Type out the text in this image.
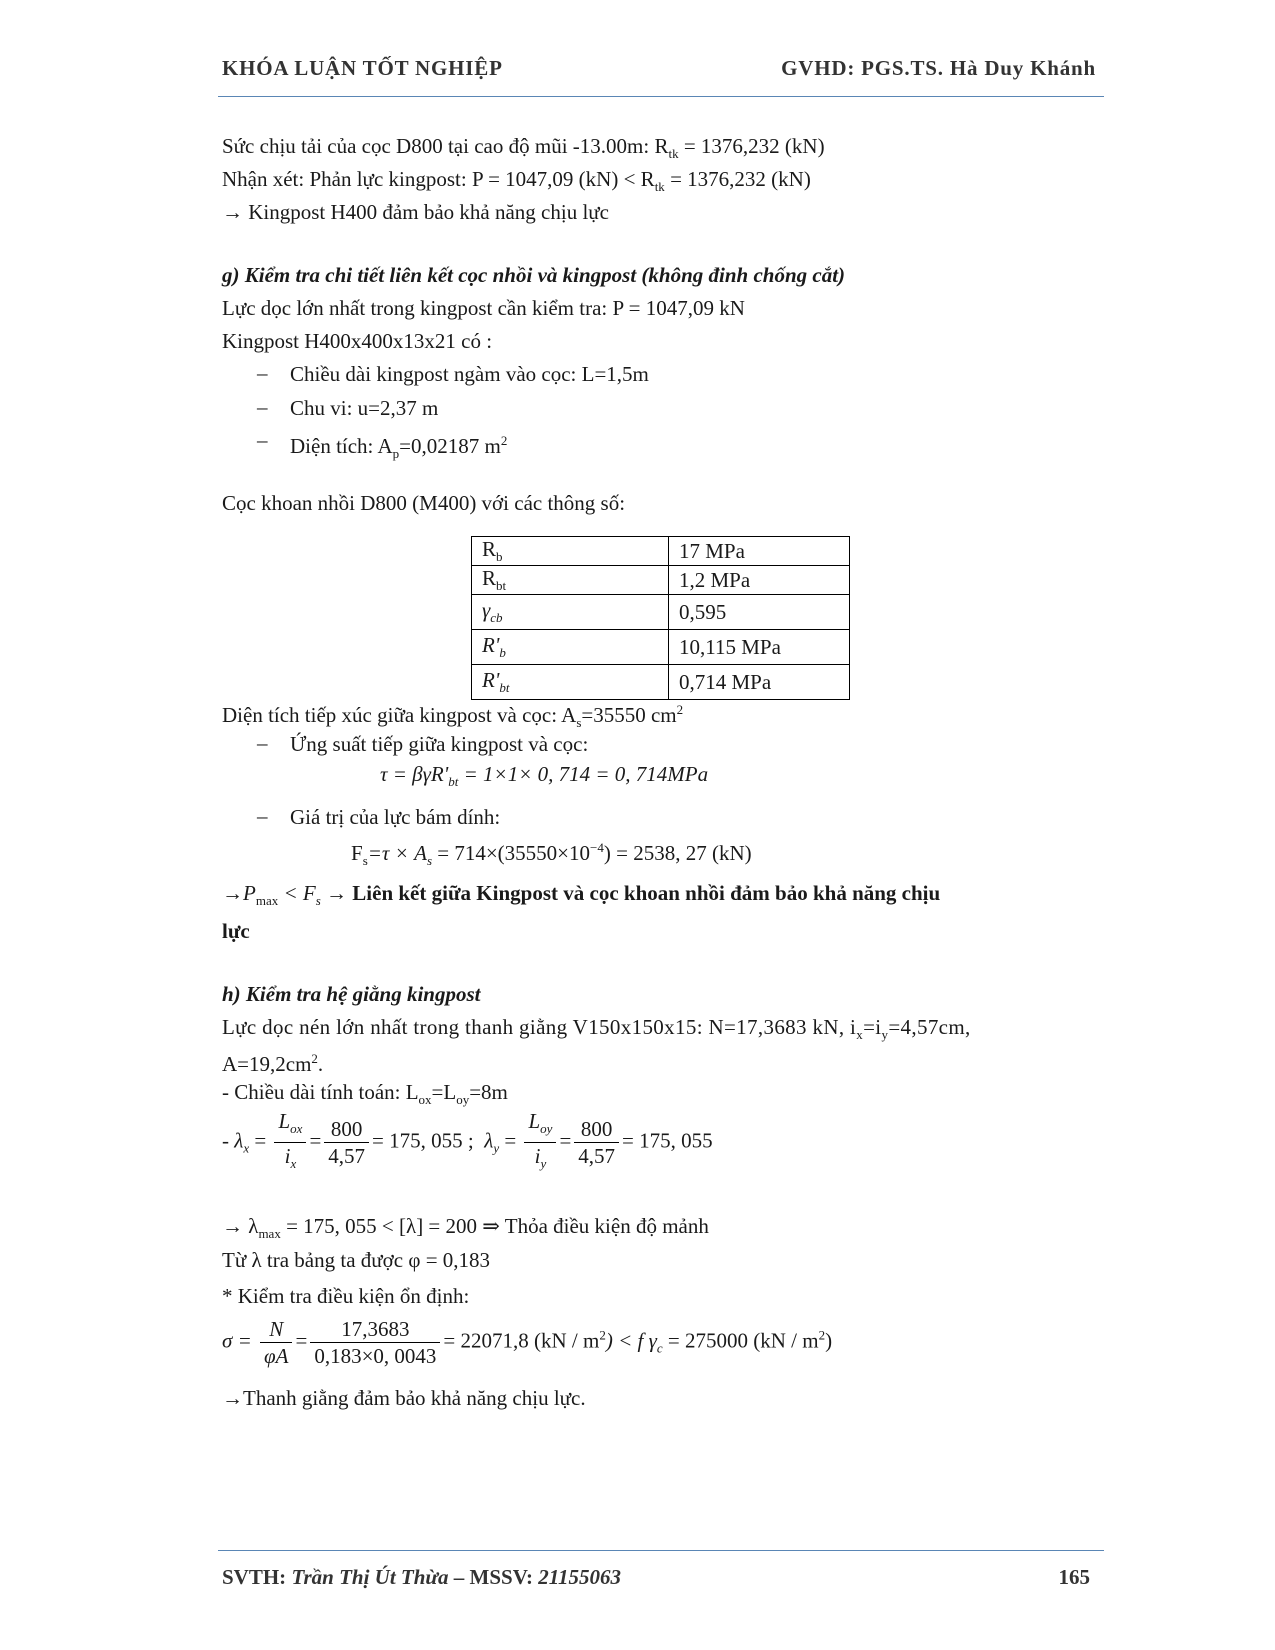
KHÓA LUẬN TỐT NGHIỆP	GVHD: PGS.TS. Hà Duy Khánh
Sức chịu tải của cọc D800 tại cao độ mũi -13.00m: $R_{tk} = 1376,232$ (kN)
Nhận xét: Phản lực kingpost: P = 1047,09 $(kN) < R_{tk} = 1376,232$ (kN)
→ Kingpost H400 đảm bảo khả năng chịu lực
g) Kiểm tra chi tiết liên kết cọc nhồi và kingpost (không đinh chống cắt)
Lực dọc lớn nhất trong kingpost cần kiểm tra: P = 1047,09 kN
Kingpost H400x400x13x21 có :
– Chiều dài kingpost ngàm vào cọc: L=1,5m
– Chu vi: u=2,37 m
– Diện tích: $A_p=0,02187$ $m^2$
Cọc khoan nhồi D800 (M400) với các thông số:
$R_b$	17 MPa
$R_{bt}$	1,2 MPa
$\gamma_{cb}$	0,595
$R'_b$	10,115 MPa
$R'_{bt}$	0,714 MPa
Diện tích tiếp xúc giữa kingpost và cọc: $A_s=35550$ $cm^2$
– Ứng suất tiếp giữa kingpost và cọc:
$\tau = \beta\gamma R'_{bt} = 1\times 1\times 0$, 714 = 0, 714MPa
– Giá trị của lực bám dính:
$F_s=\tau \times A_s = 714\times(35550\times 10^{-4}) = 2538$, 27 (kN)
$\to P_{max} < F_s$ → Liên kết giữa Kingpost và cọc khoan nhồi đảm bảo khả năng chịu
lực
h) Kiểm tra hệ giằng kingpost
Lực dọc nén lớn nhất trong thanh giằng V150x150x15: N=17,3683 kN, $i_x=i_y=4,57cm$,
$A=19,2cm^2$.
- Chiều dài tính toán: $L_{ox}=L_{oy}=8m$
- $\lambda_x = \frac{L_{ox}}{i_x} = \frac{800}{4,57} = 175$, 055 ; $\lambda_y = \frac{L_{oy}}{i_y} = \frac{800}{4,57} = 175$, 055
→ $\lambda_{max} = 175$, 055 < [λ] = 200 ⇒ Thỏa điều kiện độ mảnh
Từ λ tra bảng ta được φ = 0,183
* Kiểm tra điều kiện ổn định:
$\sigma = \frac{N}{\varphi A} = \frac{17,3683}{0,183\times 0, 0043} = 22071,8$ $(kN / m^2) < f$ $\gamma_c = 275000$ $(kN / m^2)$
→Thanh giằng đảm bảo khả năng chịu lực.
SVTH: Trần Thị Út Thừa – MSSV: 21155063	165
